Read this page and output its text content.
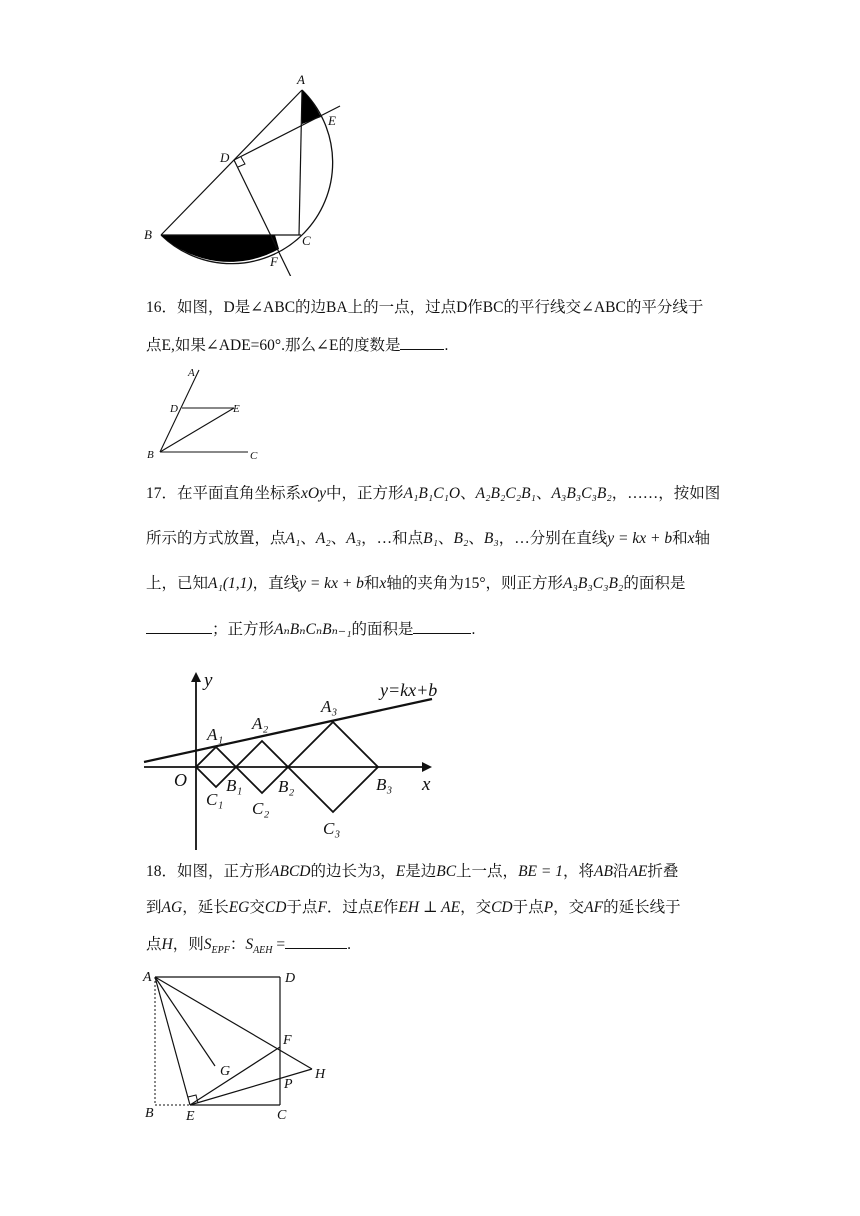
A
E
D
B	C
F

16．如图，D是∠ABC的边BA上的一点，过点D作BC的平行线交∠ABC的平分线于
点E,如果∠ADE=60°.那么∠E的度数是	.

A
D	E
B	C

17．在平面直角坐标系xOy中，正方形A₁B₁C₁O、A₂B₂C₂B₁、A₃B₃C₃B₂，……，按如图
所示的方式放置，点A₁、A₂、A₃，…和点B₁、B₂、B₃，…分别在直线y = kx + b和x轴
上，已知A₁(1,1)，直线y = kx + b和x轴的夹角为15°，则正方形A₃B₃C₃B₂的面积是
；正方形AₙBₙCₙBₙ₋₁的面积是	.

y
x
O
y=kx+b
A₁
A₂
A₃
B₁ B₂	B₃
C₁ C₂
C₃

18．如图，正方形ABCD的边长为3，E是边BC上一点，BE = 1，将AB沿AE折叠
到AG，延长EG交CD于点F．过点E作EH ⊥ AE，交CD于点P，交AF的延长线于
点H，则$S_{EPF}$：$S_{AEH}$ =	.

A	D
F
G	H
P
B E	C
